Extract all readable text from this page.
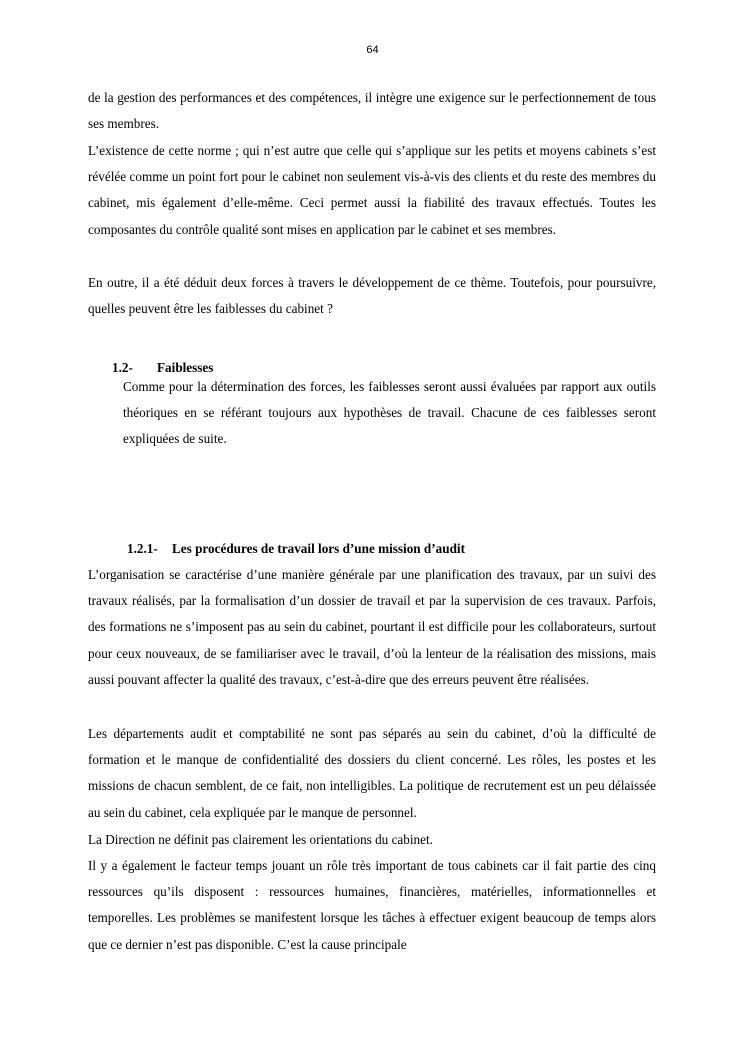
64

de la gestion des performances et des compétences, il intègre une exigence sur le perfectionnement de tous ses membres.

L’existence de cette norme ; qui n’est autre que celle qui s’applique sur les petits et moyens cabinets s’est révélée comme un point fort pour le cabinet non seulement vis-à-vis des clients et du reste des membres du cabinet, mis également d’elle-même. Ceci permet aussi la fiabilité des travaux effectués. Toutes les composantes du contrôle qualité sont mises en application par le cabinet et ses membres.

En outre, il a été déduit deux forces à travers le développement de ce thème. Toutefois, pour poursuivre, quelles peuvent être les faiblesses du cabinet ?

1.2- Faiblesses

Comme pour la détermination des forces, les faiblesses seront aussi évaluées par rapport aux outils théoriques en se référant toujours aux hypothèses de travail. Chacune de ces faiblesses seront expliquées de suite.

1.2.1- Les procédures de travail lors d’une mission d’audit

L’organisation se caractérise d’une manière générale par une planification des travaux, par un suivi des travaux réalisés, par la formalisation d’un dossier de travail et par la supervision de ces travaux. Parfois, des formations ne s’imposent pas au sein du cabinet, pourtant il est difficile pour les collaborateurs, surtout pour ceux nouveaux, de se familiariser avec le travail, d’où la lenteur de la réalisation des missions, mais aussi pouvant affecter la qualité des travaux, c’est-à-dire que des erreurs peuvent être réalisées.

Les départements audit et comptabilité ne sont pas séparés au sein du cabinet, d’où la difficulté de formation et le manque de confidentialité des dossiers du client concerné. Les rôles, les postes et les missions de chacun semblent, de ce fait, non intelligibles. La politique de recrutement est un peu délaissée au sein du cabinet, cela expliquée par le manque de personnel.

La Direction ne définit pas clairement les orientations du cabinet.

Il y a également le facteur temps jouant un rôle très important de tous cabinets car il fait partie des cinq ressources qu’ils disposent : ressources humaines, financières, matérielles, informationnelles et temporelles. Les problèmes se manifestent lorsque les tâches à effectuer exigent beaucoup de temps alors que ce dernier n’est pas disponible. C’est la cause principale
